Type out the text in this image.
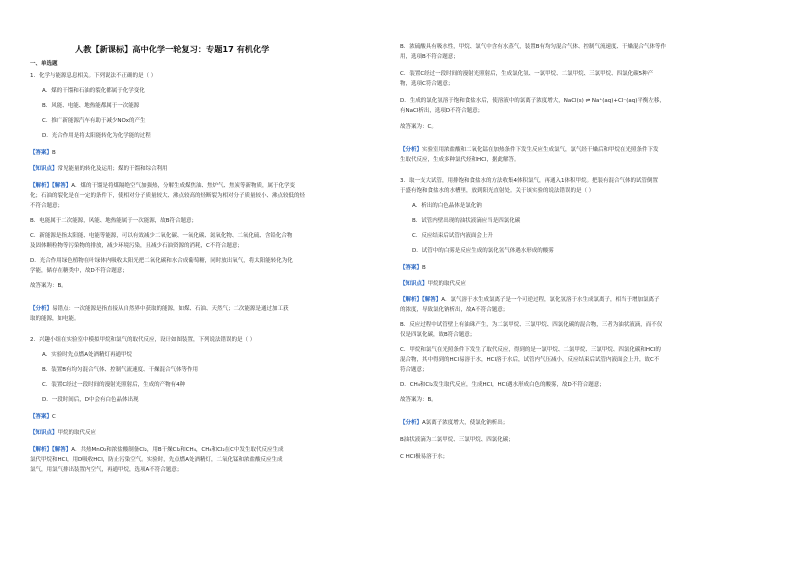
人教【新课标】高中化学一轮复习：专题17 有机化学
一、单选题
1．化学与能源息息相关。下列说法不正确的是（ ）
A．煤的干馏和石油的裂化都属于化学变化
B．风能、电能、地热能都属于一次能源
C．推广新能源汽车有助于减少NOx的产生
D．光合作用是将太阳能转化为化学能的过程
【答案】B
【知识点】常见能量的转化及运用；煤的干馏和综合利用
【解析】【解答】A．煤的干馏是将煤隔绝空气加强热，分解生成煤焦油、焦炉气、焦炭等新物质，属于化学变
化；石油的裂化是在一定的条件下，使相对分子质量较大、沸点较高的烃断裂为相对分子质量较小、沸点较低的烃
不符合题意；
B．电能属于二次能源，风能、地热能属于一次能源，故B符合题意；
C．新能源是指太阳能、电能等能源，可以有效减少二氧化碳、一氧化碳、氮氧化物、二氧化硫、含铅化合物
及固体颗粒物等污染物的排放，减少环境污染，且减少石油资源的消耗，C不符合题意；
D．光合作用绿色植物在叶绿体内吸收太阳光把二氧化碳和水合成葡萄糖，同时放出氧气，将太阳能转化为化
学能，储存在糖类中，故D不符合题意；
故答案为：B。
【分析】易错点：一次能源是指直接从自然界中获取的能源，如煤、石油、天然气；二次能源是通过加工获
取的能源，如电能。
2．兴趣小组在实验室中模拟甲烷和氯气的取代反应，设计如图装置，下列说法错误的是（ ）
A．实验时先点燃A处酒精灯再通甲烷
B．装置B有均匀混合气体、控制气流速度、干燥混合气体等作用
C．装置C经过一段时间的漫射光照射后，生成的产物有4种
D．一段时间后，D中会有白色晶体出现
【答案】C
【知识点】甲烷的取代反应
【解析】【解答】A．共热MnO₂和浓盐酸制备Cl₂，用B干燥Cl₂和CH₄，CH₄和Cl₂在C中发生取代反应生成
氯代甲烷和HCl，用D吸收HCl，防止污染空气。实验时，先点燃A处酒精灯，二氧化锰和浓盐酸反应生成
氯气，用氯气排出装置内空气，再通甲烷，选项A不符合题意；
B．浓硫酸具有吸水性，甲烷、氯气中含有水蒸气，装置B有均匀混合气体、控制气流速度、干燥混合气体等作
用，选项B不符合题意；
C．装置C经过一段时间的漫射光照射后，生成氯化氢、一氯甲烷、二氯甲烷、三氯甲烷、四氯化碳5种产
物，选项C符合题意；
D．生成的氯化氢溶于饱和食盐水后，使溶液中的氯离子浓度增大，NaCl(s) ⇌ Na⁺(aq)+Cl⁻(aq)平衡左移，
有NaCl析出，选项D不符合题意；
故答案为：C。
【分析】实验室用浓盐酸和二氧化锰在加热条件下发生反应生成氯气，氯气经干燥后和甲烷在光照条件下发
生取代反应，生成多种氯代烃和HCl，据此解答。
3．取一支大试管，用排饱和食盐水的方法收集4体积氯气，再通入1体积甲烷。把装有混合气体的试管倒置
于盛有饱和食盐水的水槽里，放到阳光直射处。关于该实验的说法错误的是（ ）
A．析出的白色晶体是氯化钠
B．试管内壁出现的油状液滴应当是四氯化碳
C．反应结束后试管内液面会上升
D．试管中的白雾是反应生成的氯化氢气体遇水形成的酸雾
【答案】B
【知识点】甲烷的取代反应
【解析】【解答】A．氯气溶于水生成氯离子是一个可逆过程，氯化氢溶于水生成氯离子，相当于增加氯离子
的浓度，导致氯化钠析出，故A不符合题意；
B．反应过程中试管壁上有油珠产生，为二氯甲烷、三氯甲烷、四氯化碳的混合物，三者为油状液滴，而不仅
仅是四氯化碳，故B符合题意；
C．甲烷和氯气在光照条件下发生了取代反应，得到的是一氯甲烷、二氯甲烷、三氯甲烷、四氯化碳和HCl的
混合物，其中得到的HCl易溶于水，HCl溶于水后，试管内气压减小，反应结束后试管内液面会上升，故C不
符合题意；
D．CH₄和Cl₂发生取代反应，生成HCl，HCl遇水形成白色的酸雾，故D不符合题意；
故答案为：B。
【分析】A氯离子浓度增大，使氯化钠析出；
B油状液滴为二氯甲烷、三氯甲烷、四氯化碳；
C HCl极易溶于水；
